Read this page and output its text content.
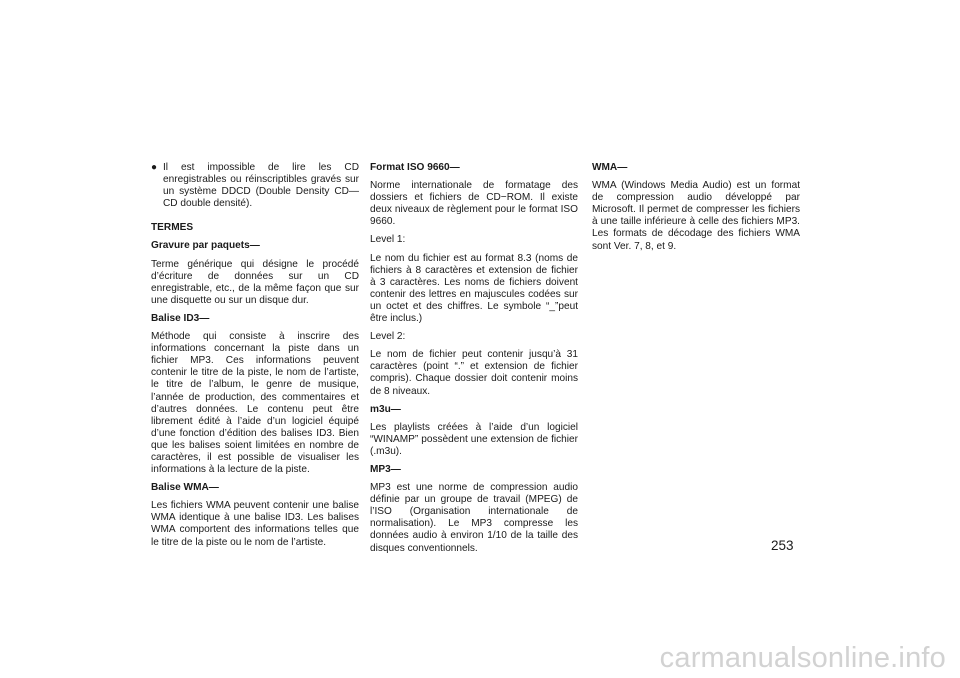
● Il est impossible de lire les CD enregistrables ou réinscriptibles gravés sur un système DDCD (Double Density CD—CD double densité).

TERMES

Gravure par paquets—

Terme générique qui désigne le procédé d’écriture de données sur un CD enregistrable, etc., de la même façon que sur une disquette ou sur un disque dur.

Balise ID3—

Méthode qui consiste à inscrire des informations concernant la piste dans un fichier MP3. Ces informations peuvent contenir le titre de la piste, le nom de l’artiste, le titre de l’album, le genre de musique, l’année de production, des commentaires et d’autres données. Le contenu peut être librement édité à l’aide d’un logiciel équipé d’une fonction d’édition des balises ID3. Bien que les balises soient limitées en nombre de caractères, il est possible de visualiser les informations à la lecture de la piste.

Balise WMA—

Les fichiers WMA peuvent contenir une balise WMA identique à une balise ID3. Les balises WMA comportent des informations telles que le titre de la piste ou le nom de l’artiste.

Format ISO 9660—

Norme internationale de formatage des dossiers et fichiers de CD−ROM. Il existe deux niveaux de règlement pour le format ISO 9660.

Level 1:

Le nom du fichier est au format 8.3 (noms de fichiers à 8 caractères et extension de fichier à 3 caractères. Les noms de fichiers doivent contenir des lettres en majuscules codées sur un octet et des chiffres. Le symbole “_”peut être inclus.)

Level 2:

Le nom de fichier peut contenir jusqu’à 31 caractères (point “.” et extension de fichier compris). Chaque dossier doit contenir moins de 8 niveaux.

m3u—

Les playlists créées à l’aide d’un logiciel “WINAMP” possèdent une extension de fichier (.m3u).

MP3—

MP3 est une norme de compression audio définie par un groupe de travail (MPEG) de l’ISO (Organisation internationale de normalisation). Le MP3 compresse les données audio à environ 1/10 de la taille des disques conventionnels.

WMA—

WMA (Windows Media Audio) est un format de compression audio développé par Microsoft. Il permet de compresser les fichiers à une taille inférieure à celle des fichiers MP3. Les formats de décodage des fichiers WMA sont Ver. 7, 8, et 9.

253
carmanualsonline.info
